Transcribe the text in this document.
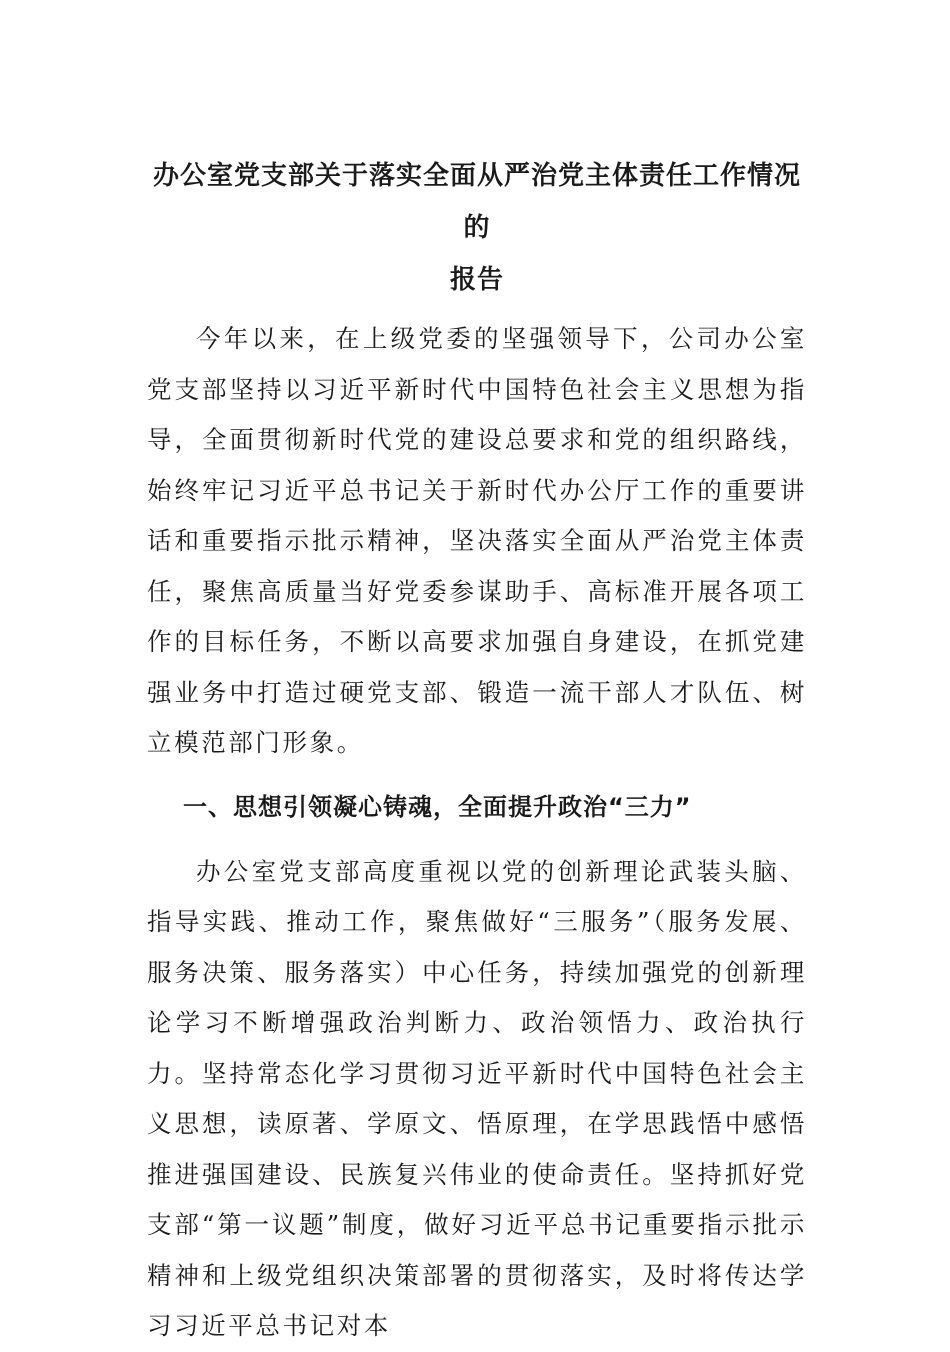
办公室党支部关于落实全面从严治党主体责任工作情况的
报告

今年以来，在上级党委的坚强领导下，公司办公室党支部坚持以习近平新时代中国特色社会主义思想为指导，全面贯彻新时代党的建设总要求和党的组织路线，始终牢记习近平总书记关于新时代办公厅工作的重要讲话和重要指示批示精神，坚决落实全面从严治党主体责任，聚焦高质量当好党委参谋助手、高标准开展各项工作的目标任务，不断以高要求加强自身建设，在抓党建强业务中打造过硬党支部、锻造一流干部人才队伍、树立模范部门形象。

一、思想引领凝心铸魂，全面提升政治“三力”

办公室党支部高度重视以党的创新理论武装头脑、指导实践、推动工作，聚焦做好“三服务”（服务发展、服务决策、服务落实）中心任务，持续加强党的创新理论学习不断增强政治判断力、政治领悟力、政治执行力。坚持常态化学习贯彻习近平新时代中国特色社会主义思想，读原著、学原文、悟原理，在学思践悟中感悟推进强国建设、民族复兴伟业的使命责任。坚持抓好党支部“第一议题”制度，做好习近平总书记重要指示批示精神和上级党组织决策部署的贯彻落实，及时将传达学习习近平总书记对本
